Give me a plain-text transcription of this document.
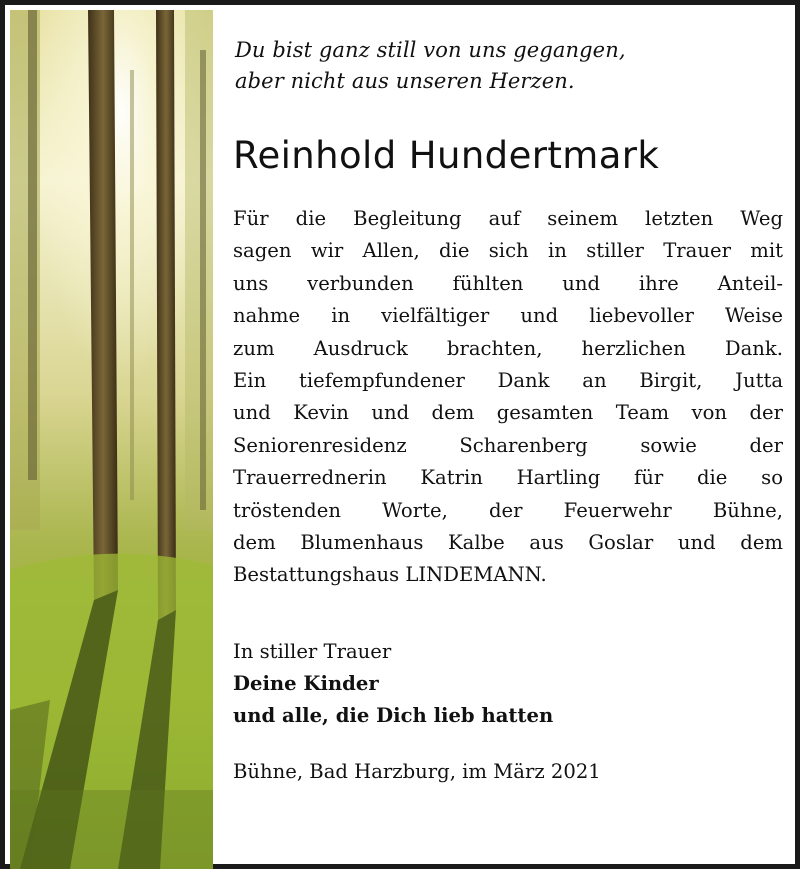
Du bist ganz still von uns gegangen,
aber nicht aus unseren Herzen.
Reinhold Hundertmark
Für die Begleitung auf seinem letzten Weg
sagen wir Allen, die sich in stiller Trauer mit
uns verbunden fühlten und ihre Anteil-
nahme in vielfältiger und liebevoller Weise
zum Ausdruck brachten, herzlichen Dank.
Ein tiefempfundener Dank an Birgit, Jutta
und Kevin und dem gesamten Team von der
Seniorenresidenz Scharenberg sowie der
Trauerrednerin Katrin Hartling für die so
tröstenden Worte, der Feuerwehr Bühne,
dem Blumenhaus Kalbe aus Goslar und dem
Bestattungshaus LINDEMANN.
In stiller Trauer
Deine Kinder
und alle, die Dich lieb hatten
Bühne, Bad Harzburg, im März 2021
